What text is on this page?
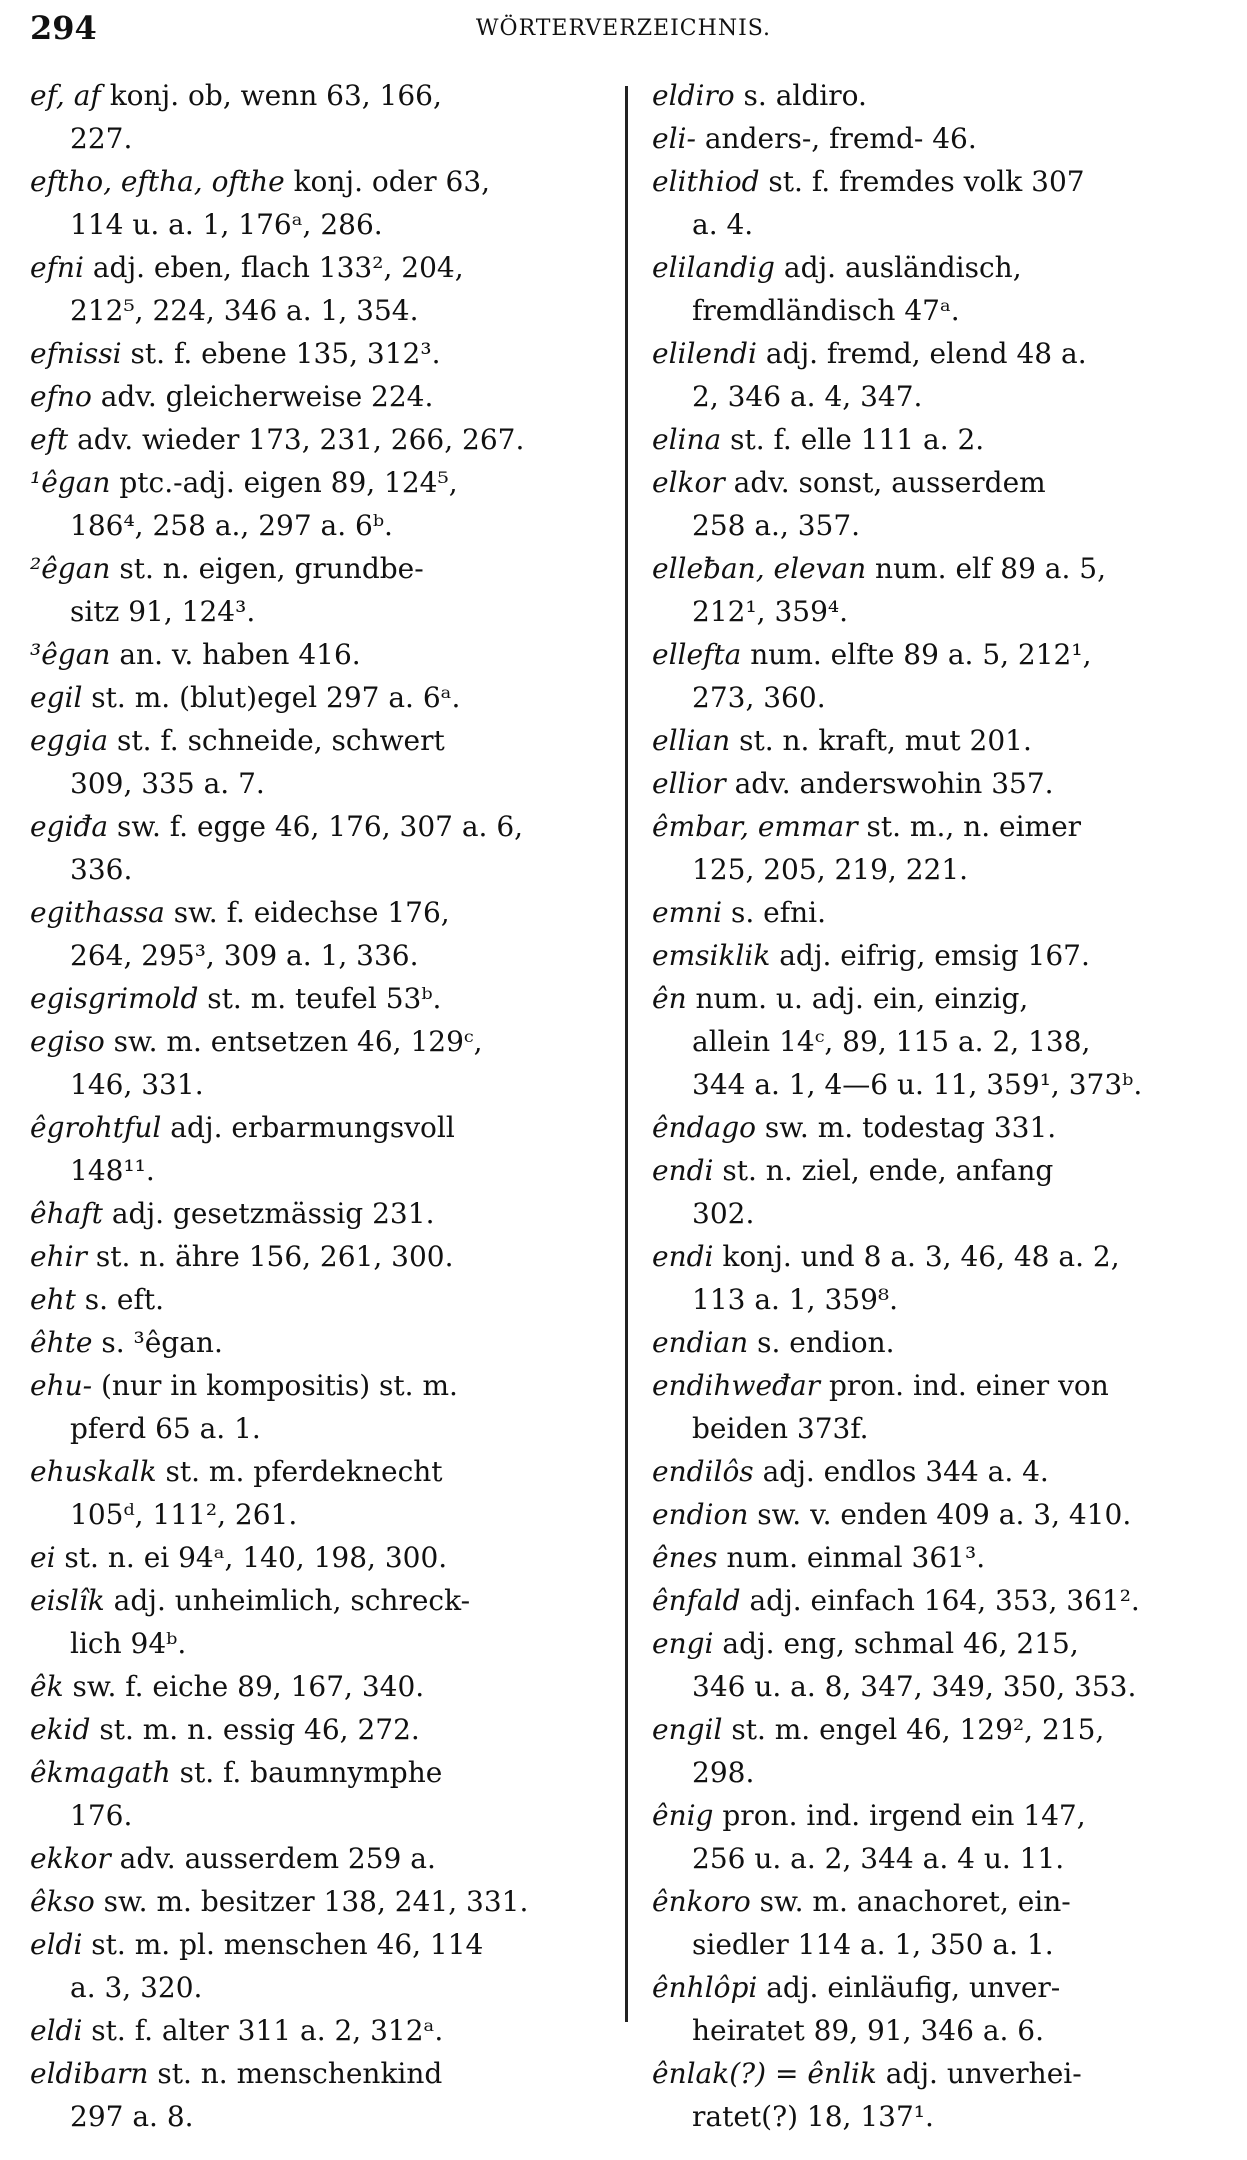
294	WÖRTERVERZEICHNIS.

ef, af konj. ob, wenn 63, 166,
227.

eftho, eftha, ofthe konj. oder 63,
114 u. a. 1, 176ᵃ, 286.

efni adj. eben, flach 133², 204,
212⁵, 224, 346 a. 1, 354.

efnissi st. f. ebene 135, 312³.

efno adv. gleicherweise 224.

eft adv. wieder 173, 231, 266, 267.

¹êgan ptc.-adj. eigen 89, 124⁵,
186⁴, 258 a., 297 a. 6ᵇ.

²êgan st. n. eigen, grundbe-
sitz 91, 124³.

³êgan an. v. haben 416.

egil st. m. (blut)egel 297 a. 6ᵃ.

eggia st. f. schneide, schwert
309, 335 a. 7.

egiđa sw. f. egge 46, 176, 307 a. 6,
336.

egithassa sw. f. eidechse 176,
264, 295³, 309 a. 1, 336.

egisgrimold st. m. teufel 53ᵇ.

egiso sw. m. entsetzen 46, 129ᶜ,
146, 331.

êgrohtful adj. erbarmungsvoll
148¹¹.

êhaft adj. gesetzmässig 231.

ehir st. n. ähre 156, 261, 300.

eht s. eft.

êhte s. ³êgan.

ehu- (nur in kompositis) st. m.
pferd 65 a. 1.

ehuskalk st. m. pferdeknecht
105ᵈ, 111², 261.

ei st. n. ei 94ᵃ, 140, 198, 300.

eislîk adj. unheimlich, schreck-
lich 94ᵇ.

êk sw. f. eiche 89, 167, 340.

ekid st. m. n. essig 46, 272.

êkmagath st. f. baumnymphe
176.

ekkor adv. ausserdem 259 a.

êkso sw. m. besitzer 138, 241, 331.

eldi st. m. pl. menschen 46, 114
a. 3, 320.

eldi st. f. alter 311 a. 2, 312ᵃ.

eldibarn st. n. menschenkind
297 a. 8.

eldiro s. aldiro.

eli- anders-, fremd- 46.

elithiod st. f. fremdes volk 307
a. 4.

elilandig adj. ausländisch,
fremdländisch 47ᵃ.

elilendi adj. fremd, elend 48 a.
2, 346 a. 4, 347.

elina st. f. elle 111 a. 2.

elkor adv. sonst, ausserdem
258 a., 357.

elleƀan, elevan num. elf 89 a. 5,
212¹, 359⁴.

ellefta num. elfte 89 a. 5, 212¹,
273, 360.

ellian st. n. kraft, mut 201.

ellior adv. anderswohin 357.

êmbar, emmar st. m., n. eimer
125, 205, 219, 221.

emni s. efni.

emsiklik adj. eifrig, emsig 167.

ên num. u. adj. ein, einzig,
allein 14ᶜ, 89, 115 a. 2, 138,
344 a. 1, 4—6 u. 11, 359¹, 373ᵇ.

êndago sw. m. todestag 331.

endi st. n. ziel, ende, anfang
302.

endi konj. und 8 a. 3, 46, 48 a. 2,
113 a. 1, 359⁸.

endian s. endion.

endihweđar pron. ind. einer von
beiden 373f.

endilôs adj. endlos 344 a. 4.

endion sw. v. enden 409 a. 3, 410.

ênes num. einmal 361³.

ênfald adj. einfach 164, 353, 361².

engi adj. eng, schmal 46, 215,
346 u. a. 8, 347, 349, 350, 353.

engil st. m. engel 46, 129², 215,
298.

ênig pron. ind. irgend ein 147,
256 u. a. 2, 344 a. 4 u. 11.

ênkoro sw. m. anachoret, ein-
siedler 114 a. 1, 350 a. 1.

ênhlôpi adj. einläufig, unver-
heiratet 89, 91, 346 a. 6.

ênlak(?) = ênlik adj. unverhei-
ratet(?) 18, 137¹.
